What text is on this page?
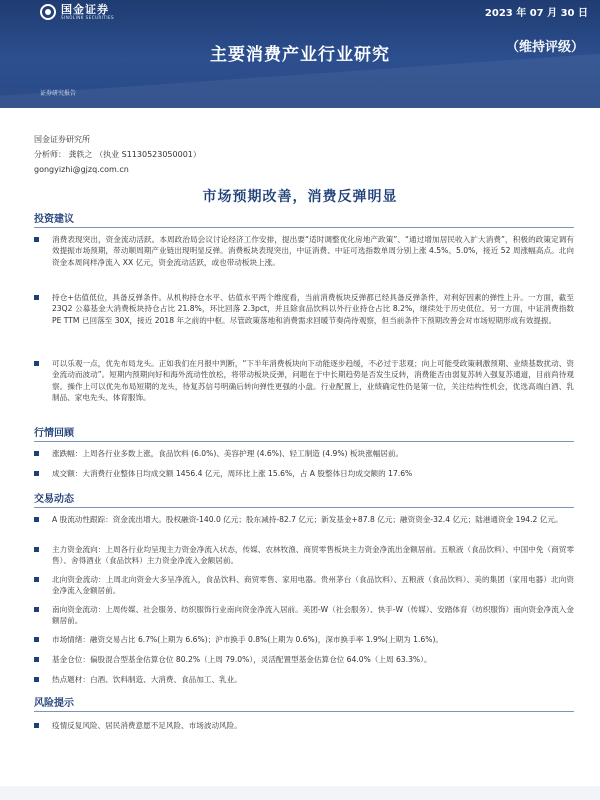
国金证券
SINOLINK SECURITIES	2023 年 07 月 30 日
主要消费产业行业研究	（维持评级）
证券研究报告
国金证券研究所
分析师： 龚轶之 （执业 S1130523050001）
gongyizhi@gjzq.com.cn
市场预期改善，消费反弹明显
投资建议
消费表现突出，资金流动活跃。本周政治局会议讨论经济工作安排，提出要“适时调整优化房地产政策”、“通过增加居民收入扩大消费”，积极的政策定调有效提振市场预期，带动顺周期产业链出现明显反弹。消费板块表现突出，中证消费、中证可选指数单周分别上涨 4.5%、5.0%，接近 52 周涨幅高点。北向资金本周间样净流入 XX 亿元，资金流动活跃，或也带动板块上涨。
持仓+估值低位，具备反弹条件。从机构持仓水平、估值水平两个维度看，当前消费板块反弹都已经具备反弹条件，对利好因素的弹性上升。一方面，截至 23Q2 公募基金大消费板块持仓占比 21.8%，环比回落 2.3pct，并且除食品饮料以外行业持仓占比 8.2%，继续处于历史低位。另一方面，中证消费指数 PE TTM 已回落至 30X，接近 2018 年之前的中枢。尽管政策落地和消费需求回暖节奏尚待观察，但当前条件下预期改善会对市场短期形成有效提振。
可以乐观一点，优先布局龙头。正如我们在月报中判断，“下半年消费板块向下动能逐步趋缓，不必过于悲观；向上可能受政策刺激预期、业绩基数扰动、资金流动而波动”。短期内预期向好和海外流动性放松，将带动板块反弹，问题在于中长期趋势是否发生反转，消费能否由弱复苏转入强复苏通道，目前尚待观察。操作上可以优先布局短期的龙头，待复苏信号明确后转向弹性更强的小盘。行业配置上，业绩确定性仍是第一位，关注结构性机会，优选高端白酒、乳制品、家电先头、体育服饰。
行情回顾
涨跌幅：上周各行业多数上涨，食品饮料 (6.0%)、美容护理 (4.6%)、轻工制造 (4.9%) 板块涨幅居前。
成交额：大消费行业整体日均成交额 1456.4 亿元，周环比上涨 15.6%，占 A 股整体日均成交额的 17.6%
交易动态
A 股流动性跟踪：资金流出增大。股权融资-140.0 亿元；股东减持-82.7 亿元；新发基金+87.8 亿元；融资资金-32.4 亿元；陆港通资金 194.2 亿元。
主力资金流向：上周各行业均呈现主力资金净流入状态，传媒、农林牧渔、商贸零售板块主力资金净流出金额居前。五粮液（食品饮料）、中国中免（商贸零售）、舍得酒业（食品饮料）主力资金净流入金额居前。
北向资金流动：上周北向资金大多呈净流入，食品饮料、商贸零售、家用电器。贵州茅台（食品饮料）、五粮液（食品饮料）、美的集团（家用电器）北向资金净流入金额居前。
南向资金流动：上周传媒、社会服务、纺织服饰行业南向资金净流入居前。美团-W（社会服务）、快手-W（传媒）、安踏体育（纺织服饰）南向资金净流入金额居前。
市场情绪：融资交易占比 6.7%(上期为 6.6%)；沪市换手 0.8%(上期为 0.6%)，深市换手率 1.9%(上期为 1.6%)。
基金仓位：偏股混合型基金估算仓位 80.2%（上周 79.0%），灵活配置型基金估算仓位 64.0%（上周 63.3%）。
热点题材：白酒、饮料制造、大消费、食品加工、乳业。
风险提示
疫情反复风险、居民消费意愿不足风险、市场波动风险。
